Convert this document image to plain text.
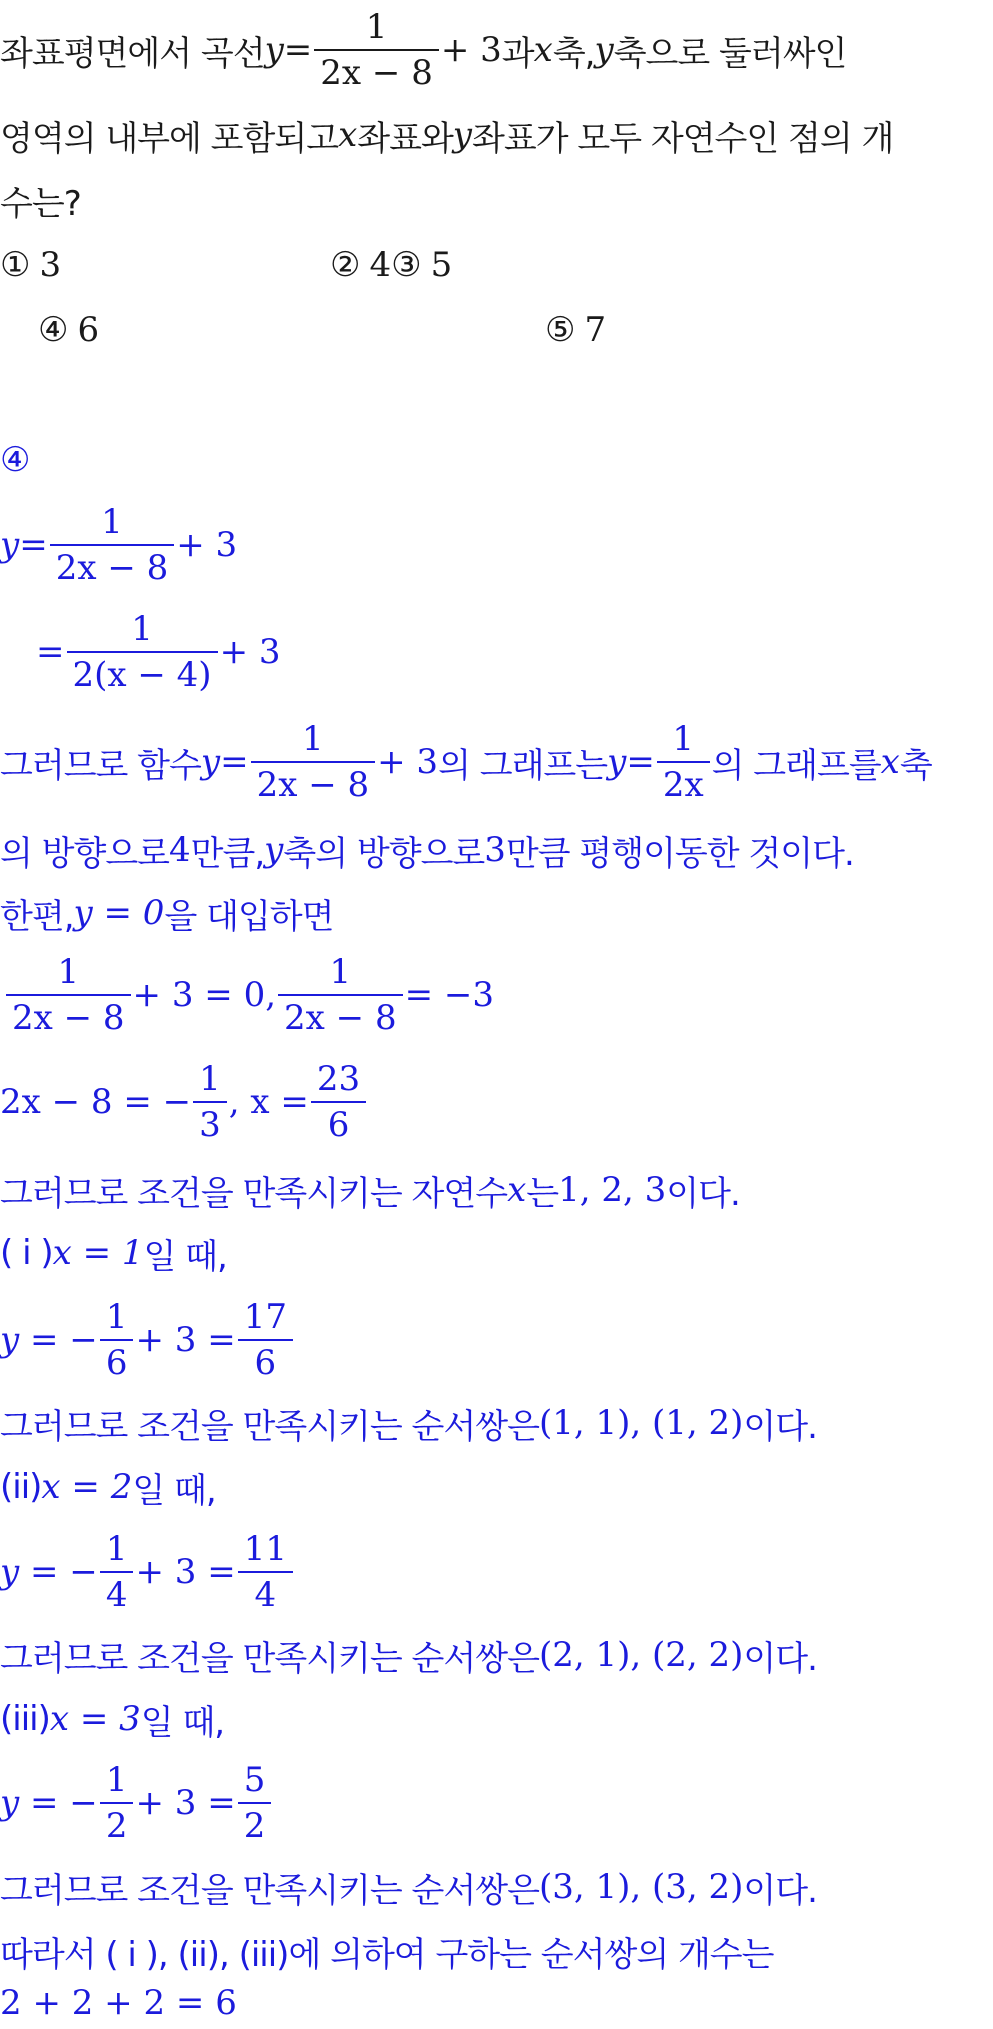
좌표평면에서 곡선 $y = \frac{1}{2x - 8} + 3$ 과 x 축, y 축으로 둘러싸인
영역의 내부에 포함되고 x 좌표와 y 좌표가 모두 자연수인 점의 개
수는?
① 3	② 4 ③ 5
④ 6	⑤ 7
④
$y = \frac{1}{2x - 8} + 3$
= $\frac{1}{2(x - 4)} + 3$
그러므로 함수 $y = \frac{1}{2x - 8} + 3$ 의 그래프는 $y = \frac{1}{2x}$ 의 그래프를 x 축
의 방향으로 4 만큼, y 축의 방향으로 3 만큼 평행이동한 것이다.
한편, y = 0 을 대입하면
$\frac{1}{2x - 8} + 3 = 0$, $\frac{1}{2x - 8} = -3$
2x − 8 = − $\frac{1}{3}$ , $x = \frac{23}{6}$
그러므로 조건을 만족시키는 자연수 x 는 1, 2, 3 이다.
( i ) x = 1 일 때,
y = − $\frac{1}{6} + 3 = \frac{17}{6}$
그러므로 조건을 만족시키는 순서쌍은 (1, 1), (1, 2) 이다.
(ii) x = 2 일 때,
y = − $\frac{1}{4} + 3 = \frac{11}{4}$
그러므로 조건을 만족시키는 순서쌍은 (2, 1), (2, 2) 이다.
(iii) x = 3 일 때,
y = − $\frac{1}{2} + 3 = \frac{5}{2}$
그러므로 조건을 만족시키는 순서쌍은 (3, 1), (3, 2) 이다.
따라서 ( i ), (ii), (iii)에 의하여 구하는 순서쌍의 개수는
2 + 2 + 2 = 6
